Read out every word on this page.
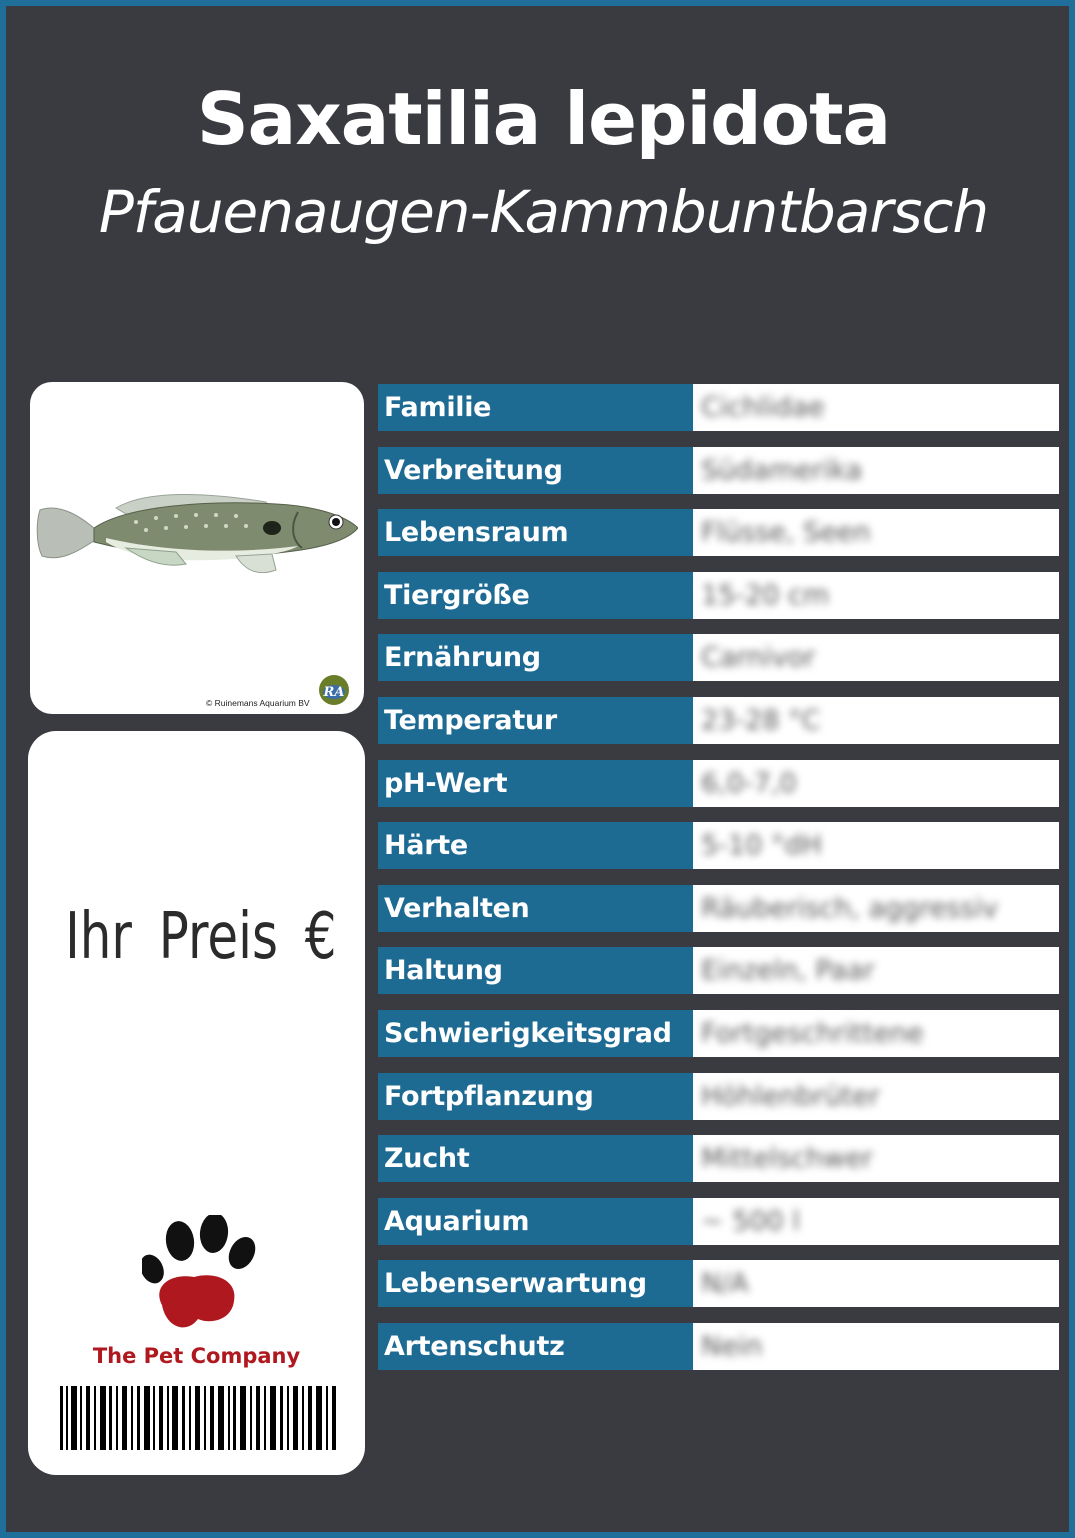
Saxatilia lepidota
Pfauenaugen-Kammbuntbarsch
© Ruinemans Aquarium BV
RA
Ihr Preis €
The Pet Company
Familie	Cichlidae
Verbreitung	Südamerika
Lebensraum	Flüsse, Seen
Tiergröße	15-20 cm
Ernährung	Carnivor
Temperatur	23-28 °C
pH-Wert	6,0-7,0
Härte	5-10 °dH
Verhalten	Räuberisch, aggressiv
Haltung	Einzeln, Paar
Schwierigkeitsgrad	Fortgeschrittene
Fortpflanzung	Höhlenbrüter
Zucht	Mittelschwer
Aquarium	~ 500 l
Lebenserwartung	N/A
Artenschutz	Nein
